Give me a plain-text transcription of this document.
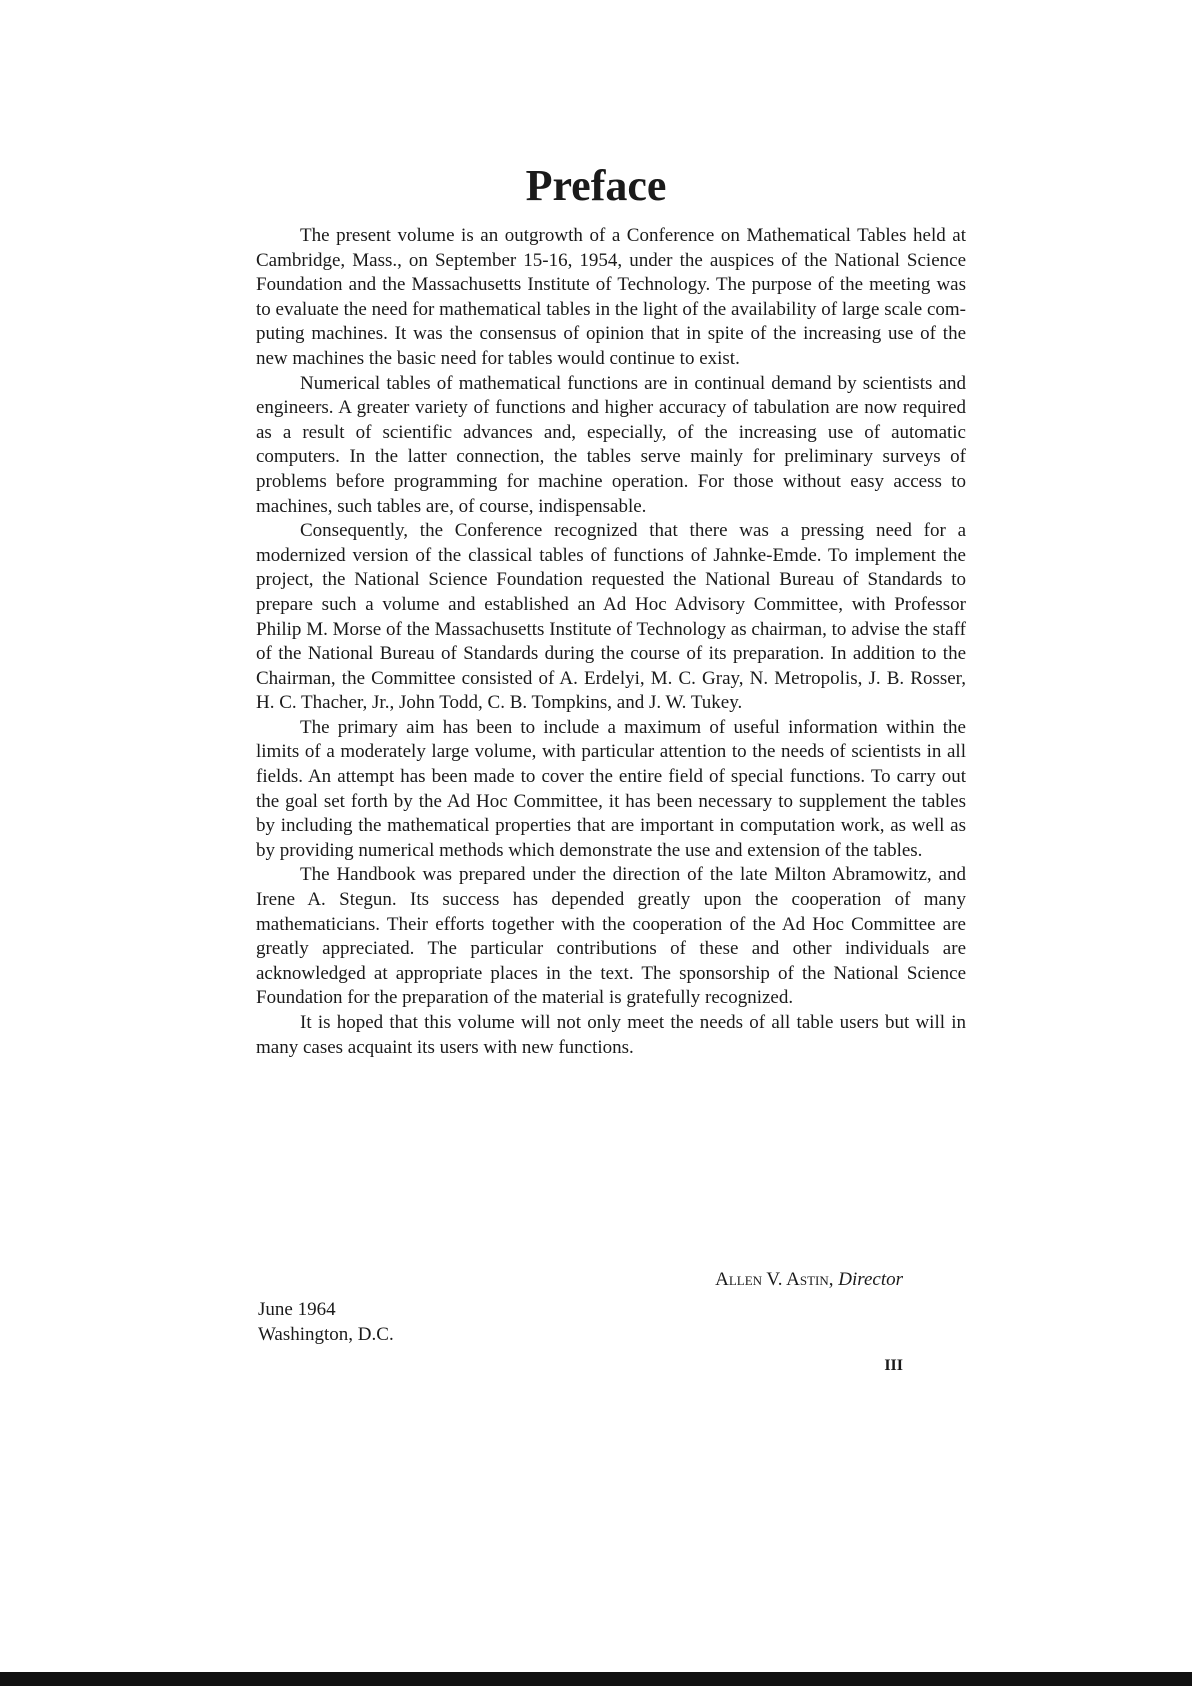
Preface

The present volume is an outgrowth of a Conference on Mathematical Tables held at Cambridge, Mass., on September 15-16, 1954, under the auspices of the National Science Foundation and the Massachusetts Institute of Technology. The purpose of the meeting was to evaluate the need for mathematical tables in the light of the availability of large scale computing machines. It was the consensus of opinion that in spite of the increasing use of the new machines the basic need for tables would continue to exist.

Numerical tables of mathematical functions are in continual demand by scientists and engineers. A greater variety of functions and higher accuracy of tabulation are now required as a result of scientific advances and, especially, of the increasing use of automatic computers. In the latter connection, the tables serve mainly for preliminary surveys of problems before programming for machine operation. For those without easy access to machines, such tables are, of course, indispensable.

Consequently, the Conference recognized that there was a pressing need for a modernized version of the classical tables of functions of Jahnke-Emde. To implement the project, the National Science Foundation requested the National Bureau of Standards to prepare such a volume and established an Ad Hoc Advisory Committee, with Professor Philip M. Morse of the Massachusetts Institute of Technology as chairman, to advise the staff of the National Bureau of Standards during the course of its preparation. In addition to the Chairman, the Committee consisted of A. Erdelyi, M. C. Gray, N. Metropolis, J. B. Rosser, H. C. Thacher, Jr., John Todd, C. B. Tompkins, and J. W. Tukey.

The primary aim has been to include a maximum of useful information within the limits of a moderately large volume, with particular attention to the needs of scientists in all fields. An attempt has been made to cover the entire field of special functions. To carry out the goal set forth by the Ad Hoc Committee, it has been necessary to supplement the tables by including the mathematical properties that are important in computation work, as well as by providing numerical methods which demonstrate the use and extension of the tables.

The Handbook was prepared under the direction of the late Milton Abramowitz, and Irene A. Stegun. Its success has depended greatly upon the cooperation of many mathematicians. Their efforts together with the cooperation of the Ad Hoc Committee are greatly appreciated. The particular contributions of these and other individuals are acknowledged at appropriate places in the text. The sponsorship of the National Science Foundation for the preparation of the material is gratefully recognized.

It is hoped that this volume will not only meet the needs of all table users but will in many cases acquaint its users with new functions.

Allen V. Astin, Director
June 1964
Washington, D.C.
III
